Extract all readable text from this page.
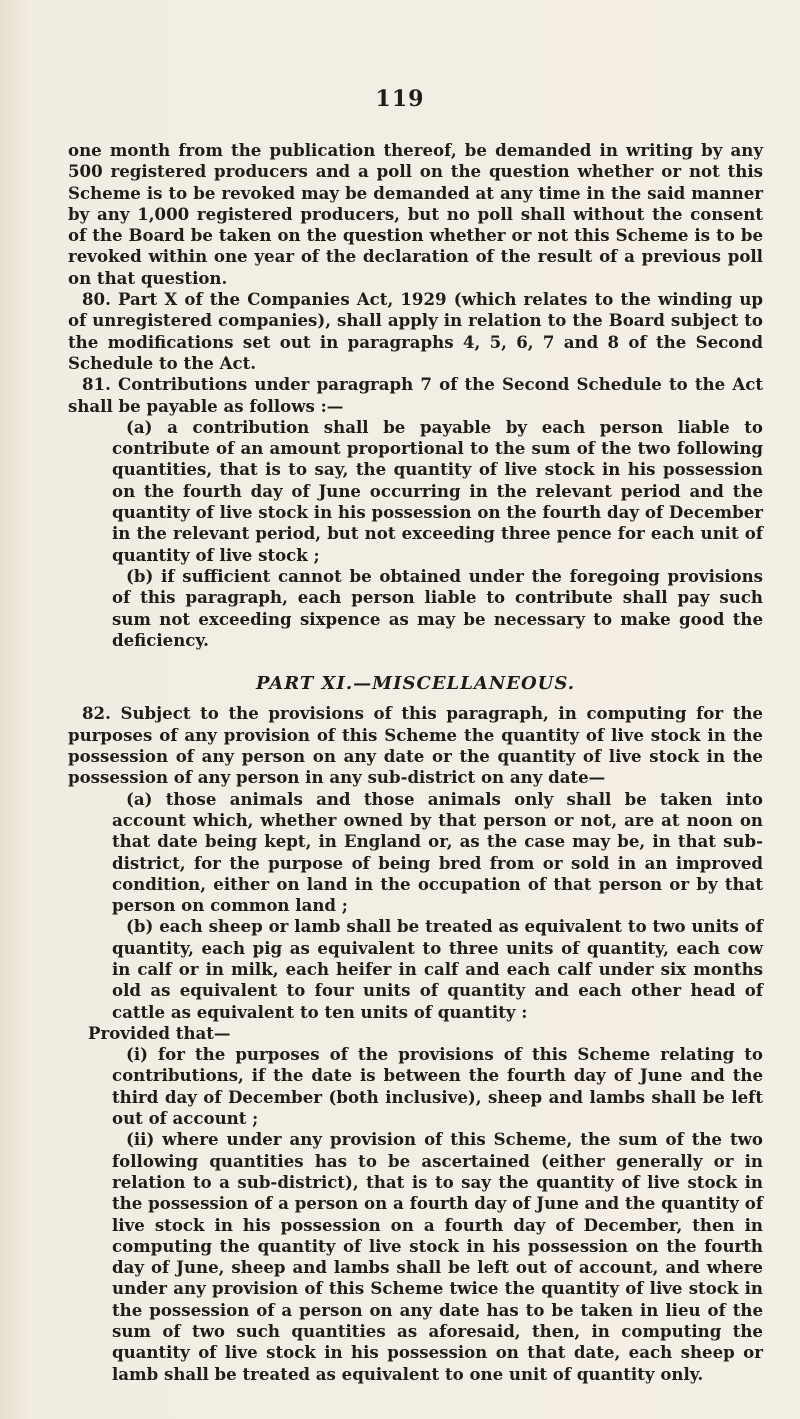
119

one month from the publication thereof, be demanded in writing by any 500 registered producers and a poll on the question whether or not this Scheme is to be revoked may be demanded at any time in the said manner by any 1,000 registered producers, but no poll shall without the consent of the Board be taken on the question whether or not this Scheme is to be revoked within one year of the declaration of the result of a previous poll on that question.

80. Part X of the Companies Act, 1929 (which relates to the winding up of unregistered companies), shall apply in relation to the Board subject to the modifications set out in paragraphs 4, 5, 6, 7 and 8 of the Second Schedule to the Act.

81. Contributions under paragraph 7 of the Second Schedule to the Act shall be payable as follows :—

(a) a contribution shall be payable by each person liable to contribute of an amount proportional to the sum of the two following quantities, that is to say, the quantity of live stock in his possession on the fourth day of June occurring in the relevant period and the quantity of live stock in his possession on the fourth day of December in the relevant period, but not exceeding three pence for each unit of quantity of live stock ;

(b) if sufficient cannot be obtained under the foregoing provisions of this paragraph, each person liable to contribute shall pay such sum not exceeding sixpence as may be necessary to make good the deficiency.

PART XI.—MISCELLANEOUS.

82. Subject to the provisions of this paragraph, in computing for the purposes of any provision of this Scheme the quantity of live stock in the possession of any person on any date or the quantity of live stock in the possession of any person in any sub-district on any date—

(a) those animals and those animals only shall be taken into account which, whether owned by that person or not, are at noon on that date being kept, in England or, as the case may be, in that sub-district, for the purpose of being bred from or sold in an improved condition, either on land in the occupation of that person or by that person on common land ;

(b) each sheep or lamb shall be treated as equivalent to two units of quantity, each pig as equivalent to three units of quantity, each cow in calf or in milk, each heifer in calf and each calf under six months old as equivalent to four units of quantity and each other head of cattle as equivalent to ten units of quantity :

Provided that—

(i) for the purposes of the provisions of this Scheme relating to contributions, if the date is between the fourth day of June and the third day of December (both inclusive), sheep and lambs shall be left out of account ;

(ii) where under any provision of this Scheme, the sum of the two following quantities has to be ascertained (either generally or in relation to a sub-district), that is to say the quantity of live stock in the possession of a person on a fourth day of June and the quantity of live stock in his possession on a fourth day of December, then in computing the quantity of live stock in his possession on the fourth day of June, sheep and lambs shall be left out of account, and where under any provision of this Scheme twice the quantity of live stock in the possession of a person on any date has to be taken in lieu of the sum of two such quantities as aforesaid, then, in computing the quantity of live stock in his possession on that date, each sheep or lamb shall be treated as equivalent to one unit of quantity only.
